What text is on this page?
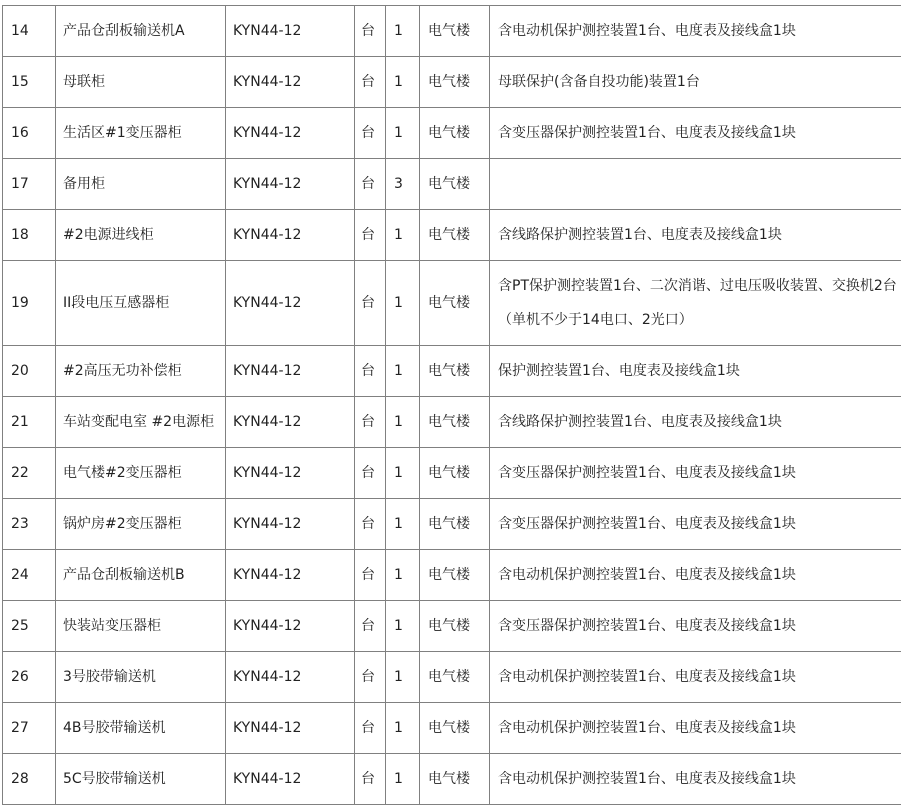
14	产品仓刮板输送机A	KYN44-12	台	1	电气楼	含电动机保护测控装置1台、电度表及接线盒1块
15	母联柜	KYN44-12	台	1	电气楼	母联保护(含备自投功能)装置1台
16	生活区#1变压器柜	KYN44-12	台	1	电气楼	含变压器保护测控装置1台、电度表及接线盒1块
17	备用柜	KYN44-12	台	3	电气楼	
18	#2电源进线柜	KYN44-12	台	1	电气楼	含线路保护测控装置1台、电度表及接线盒1块
19	II段电压互感器柜	KYN44-12	台	1	电气楼	含PT保护测控装置1台、二次消谐、过电压吸收装置、交换机2台（单机不少于14电口、2光口）
20	#2高压无功补偿柜	KYN44-12	台	1	电气楼	保护测控装置1台、电度表及接线盒1块
21	车站变配电室 #2电源柜	KYN44-12	台	1	电气楼	含线路保护测控装置1台、电度表及接线盒1块
22	电气楼#2变压器柜	KYN44-12	台	1	电气楼	含变压器保护测控装置1台、电度表及接线盒1块
23	锅炉房#2变压器柜	KYN44-12	台	1	电气楼	含变压器保护测控装置1台、电度表及接线盒1块
24	产品仓刮板输送机B	KYN44-12	台	1	电气楼	含电动机保护测控装置1台、电度表及接线盒1块
25	快装站变压器柜	KYN44-12	台	1	电气楼	含变压器保护测控装置1台、电度表及接线盒1块
26	3号胶带输送机	KYN44-12	台	1	电气楼	含电动机保护测控装置1台、电度表及接线盒1块
27	4B号胶带输送机	KYN44-12	台	1	电气楼	含电动机保护测控装置1台、电度表及接线盒1块
28	5C号胶带输送机	KYN44-12	台	1	电气楼	含电动机保护测控装置1台、电度表及接线盒1块
